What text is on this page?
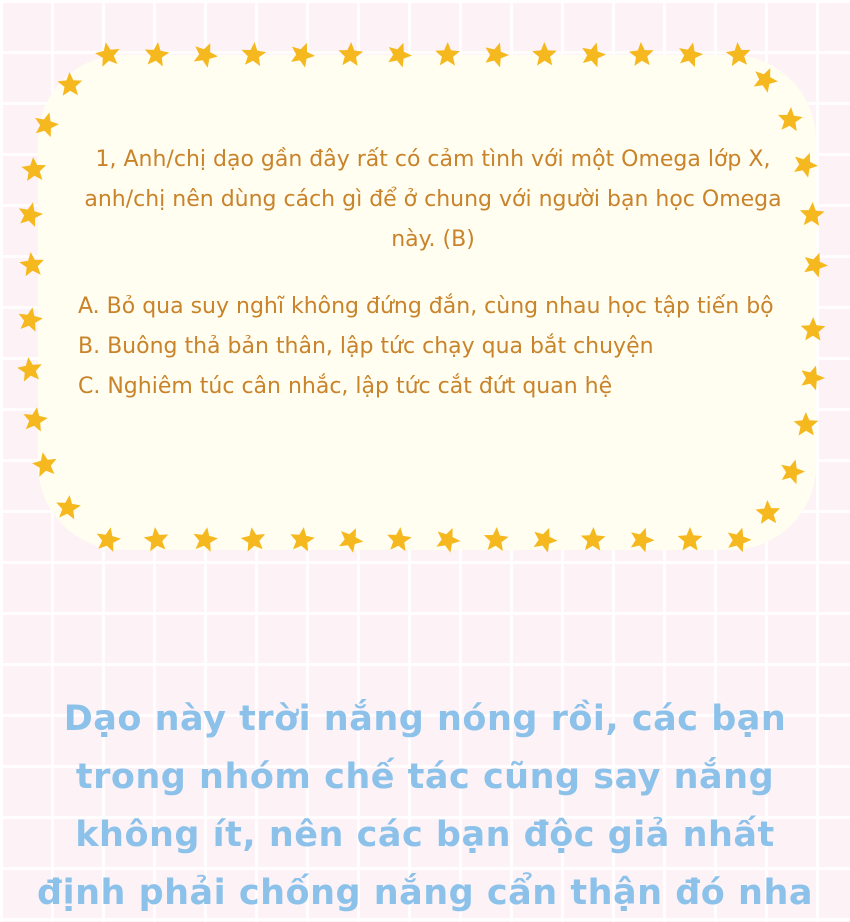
1, Anh/chị dạo gần đây rất có cảm tình với một Omega lớp X, anh/chị nên dùng cách gì để ở chung với người bạn học Omega này. (B)

A. Bỏ qua suy nghĩ không đứng đắn, cùng nhau học tập tiến bộ
B. Buông thả bản thân, lập tức chạy qua bắt chuyện
C. Nghiêm túc cân nhắc, lập tức cắt đứt quan hệ
Dạo này trời nắng nóng rồi, các bạn trong nhóm chế tác cũng say nắng không ít, nên các bạn độc giả nhất định phải chống nắng cẩn thận đó nha
